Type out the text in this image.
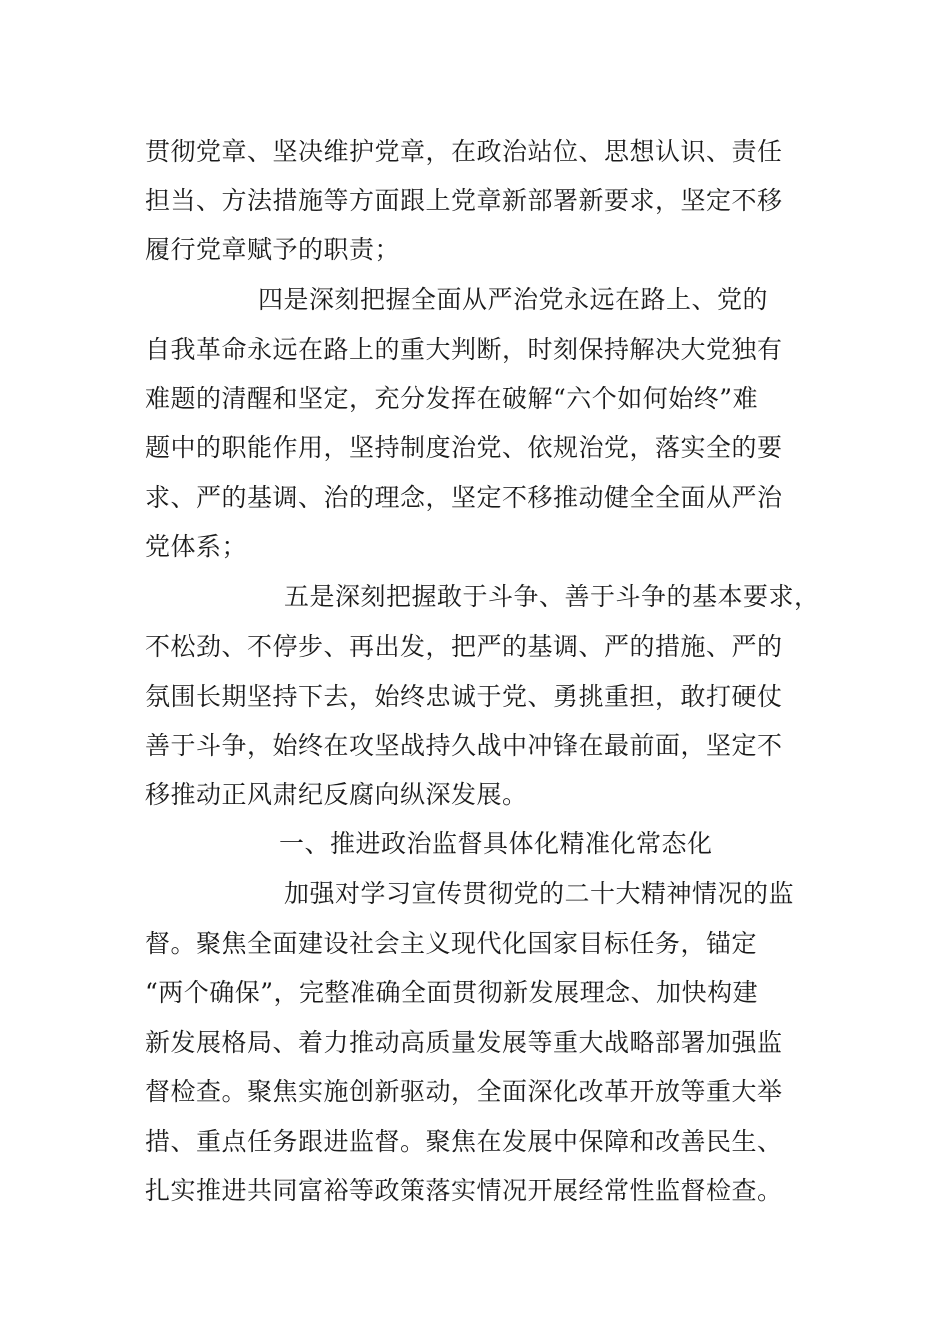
贯彻党章、坚决维护党章，在政治站位、思想认识、责任
担当、方法措施等方面跟上党章新部署新要求，坚定不移
履行党章赋予的职责；
四是深刻把握全面从严治党永远在路上、党的
自我革命永远在路上的重大判断，时刻保持解决大党独有
难题的清醒和坚定，充分发挥在破解“六个如何始终”难
题中的职能作用，坚持制度治党、依规治党，落实全的要
求、严的基调、治的理念，坚定不移推动健全全面从严治
党体系；
五是深刻把握敢于斗争、善于斗争的基本要求，
不松劲、不停步、再出发，把严的基调、严的措施、严的
氛围长期坚持下去，始终忠诚于党、勇挑重担，敢打硬仗
善于斗争，始终在攻坚战持久战中冲锋在最前面，坚定不
移推动正风肃纪反腐向纵深发展。
一、推进政治监督具体化精准化常态化
加强对学习宣传贯彻党的二十大精神情况的监
督。聚焦全面建设社会主义现代化国家目标任务，锚定
“两个确保”，完整准确全面贯彻新发展理念、加快构建
新发展格局、着力推动高质量发展等重大战略部署加强监
督检查。聚焦实施创新驱动，全面深化改革开放等重大举
措、重点任务跟进监督。聚焦在发展中保障和改善民生、
扎实推进共同富裕等政策落实情况开展经常性监督检查。
